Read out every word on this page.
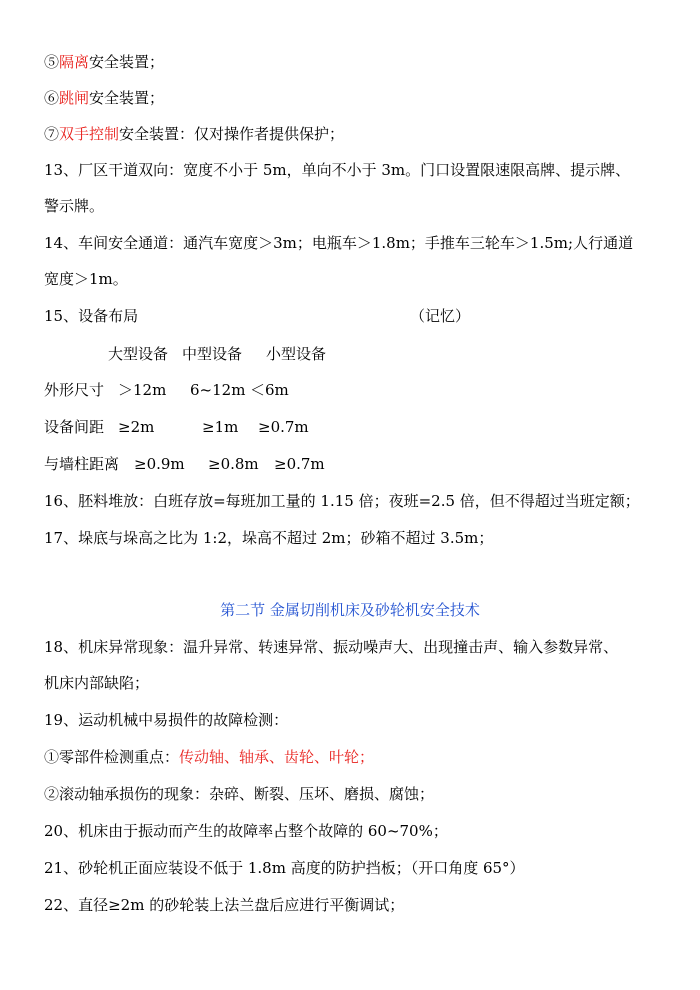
⑤隔离安全装置；
⑥跳闸安全装置；
⑦双手控制安全装置：仅对操作者提供保护；
13、厂区干道双向：宽度不小于 5m，单向不小于 3m。门口设置限速限高牌、提示牌、
警示牌。
14、车间安全通道：通汽车宽度＞3m；电瓶车＞1.8m；手推车三轮车＞1.5m;人行通道
宽度＞1m。
15、设备布局	（记忆）
大型设备 中型设备 小型设备
外形尺寸 ＞12m 6~12m ＜6m
设备间距 ≥2m	≥1m ≥0.7m
与墙柱距离 ≥0.9m ≥0.8m ≥0.7m
16、胚料堆放：白班存放=每班加工量的 1.15 倍；夜班=2.5 倍，但不得超过当班定额；
17、垛底与垛高之比为 1:2，垛高不超过 2m；砂箱不超过 3.5m；
第二节 金属切削机床及砂轮机安全技术
18、机床异常现象：温升异常、转速异常、振动噪声大、出现撞击声、输入参数异常、
机床内部缺陷；
19、运动机械中易损件的故障检测：
①零部件检测重点：传动轴、轴承、齿轮、叶轮；
②滚动轴承损伤的现象：杂碎、断裂、压坏、磨损、腐蚀；
20、机床由于振动而产生的故障率占整个故障的 60~70%；
21、砂轮机正面应装设不低于 1.8m 高度的防护挡板；（开口角度 65°）
22、直径≥2m 的砂轮装上法兰盘后应进行平衡调试；
